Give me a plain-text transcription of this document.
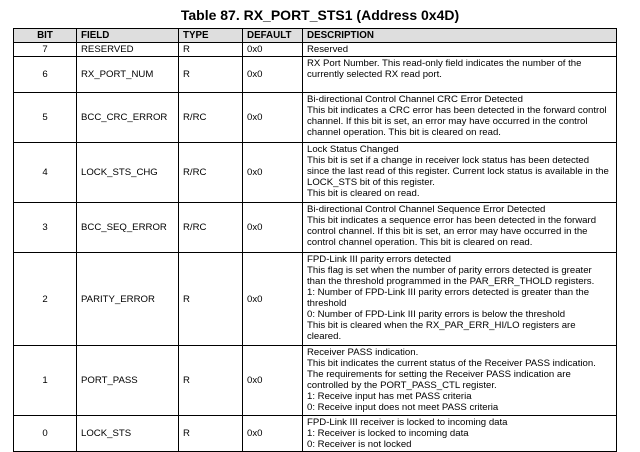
Table 87. RX_PORT_STS1 (Address 0x4D)
BIT	FIELD	TYPE	DEFAULT	DESCRIPTION
7	RESERVED	R	0x0	Reserved

6	RX_PORT_NUM	R	0x0	RX Port Number. This read-only field indicates the number of the currently selected RX read port.

5	BCC_CRC_ERROR	R/RC	0x0	Bi-directional Control Channel CRC Error Detected
This bit indicates a CRC error has been detected in the forward control channel. If this bit is set, an error may have occurred in the control channel operation. This bit is cleared on read.

4	LOCK_STS_CHG	R/RC	0x0	Lock Status Changed
This bit is set if a change in receiver lock status has been detected since the last read of this register. Current lock status is available in the LOCK_STS bit of this register.
This bit is cleared on read.

3	BCC_SEQ_ERROR	R/RC	0x0	Bi-directional Control Channel Sequence Error Detected
This bit indicates a sequence error has been detected in the forward control channel. If this bit is set, an error may have occurred in the control channel operation. This bit is cleared on read.

2	PARITY_ERROR	R	0x0	FPD-Link III parity errors detected
This flag is set when the number of parity errors detected is greater than the threshold programmed in the PAR_ERR_THOLD registers.
1: Number of FPD-Link III parity errors detected is greater than the threshold
0: Number of FPD-Link III parity errors is below the threshold
This bit is cleared when the RX_PAR_ERR_HI/LO registers are cleared.

1	PORT_PASS	R	0x0	Receiver PASS indication.
This bit indicates the current status of the Receiver PASS indication. The requirements for setting the Receiver PASS indication are controlled by the PORT_PASS_CTL register.
1: Receive input has met PASS criteria
0: Receive input does not meet PASS criteria

0	LOCK_STS	R	0x0	FPD-Link III receiver is locked to incoming data
1: Receiver is locked to incoming data
0: Receiver is not locked
